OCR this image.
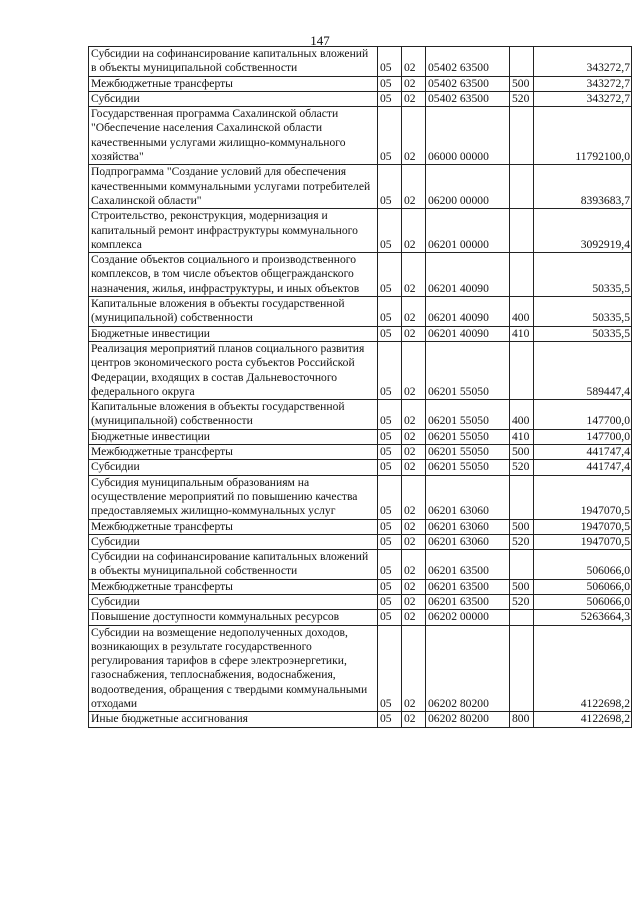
147
Субсидии на софинансирование капитальных вложений в объекты муниципальной собственности	05	02	05402 63500		343272,7
Межбюджетные трансферты	05	02	05402 63500	500	343272,7
Субсидии	05	02	05402 63500	520	343272,7
Государственная программа Сахалинской области "Обеспечение населения Сахалинской области качественными услугами жилищно-коммунального хозяйства"	05	02	06000 00000		11792100,0
Подпрограмма "Создание условий для обеспечения качественными коммунальными услугами потребителей Сахалинской области"	05	02	06200 00000		8393683,7
Строительство, реконструкция, модернизация и капитальный ремонт инфраструктуры коммунального комплекса	05	02	06201 00000		3092919,4
Создание объектов социального и производственного комплексов, в том числе объектов общегражданского назначения, жилья, инфраструктуры, и иных объектов	05	02	06201 40090		50335,5
Капитальные вложения в объекты государственной (муниципальной) собственности	05	02	06201 40090	400	50335,5
Бюджетные инвестиции	05	02	06201 40090	410	50335,5
Реализация мероприятий планов социального развития центров экономического роста субъектов Российской Федерации, входящих в состав Дальневосточного федерального округа	05	02	06201 55050		589447,4
Капитальные вложения в объекты государственной (муниципальной) собственности	05	02	06201 55050	400	147700,0
Бюджетные инвестиции	05	02	06201 55050	410	147700,0
Межбюджетные трансферты	05	02	06201 55050	500	441747,4
Субсидии	05	02	06201 55050	520	441747,4
Субсидия муниципальным образованиям на осуществление мероприятий по повышению качества предоставляемых жилищно-коммунальных услуг	05	02	06201 63060		1947070,5
Межбюджетные трансферты	05	02	06201 63060	500	1947070,5
Субсидии	05	02	06201 63060	520	1947070,5
Субсидии на софинансирование капитальных вложений в объекты муниципальной собственности	05	02	06201 63500		506066,0
Межбюджетные трансферты	05	02	06201 63500	500	506066,0
Субсидии	05	02	06201 63500	520	506066,0
Повышение доступности коммунальных ресурсов	05	02	06202 00000		5263664,3
Субсидии на возмещение недополученных доходов, возникающих в результате государственного регулирования тарифов в сфере электроэнергетики, газоснабжения, теплоснабжения, водоснабжения, водоотведения, обращения с твердыми коммунальными отходами	05	02	06202 80200		4122698,2
Иные бюджетные ассигнования	05	02	06202 80200	800	4122698,2
